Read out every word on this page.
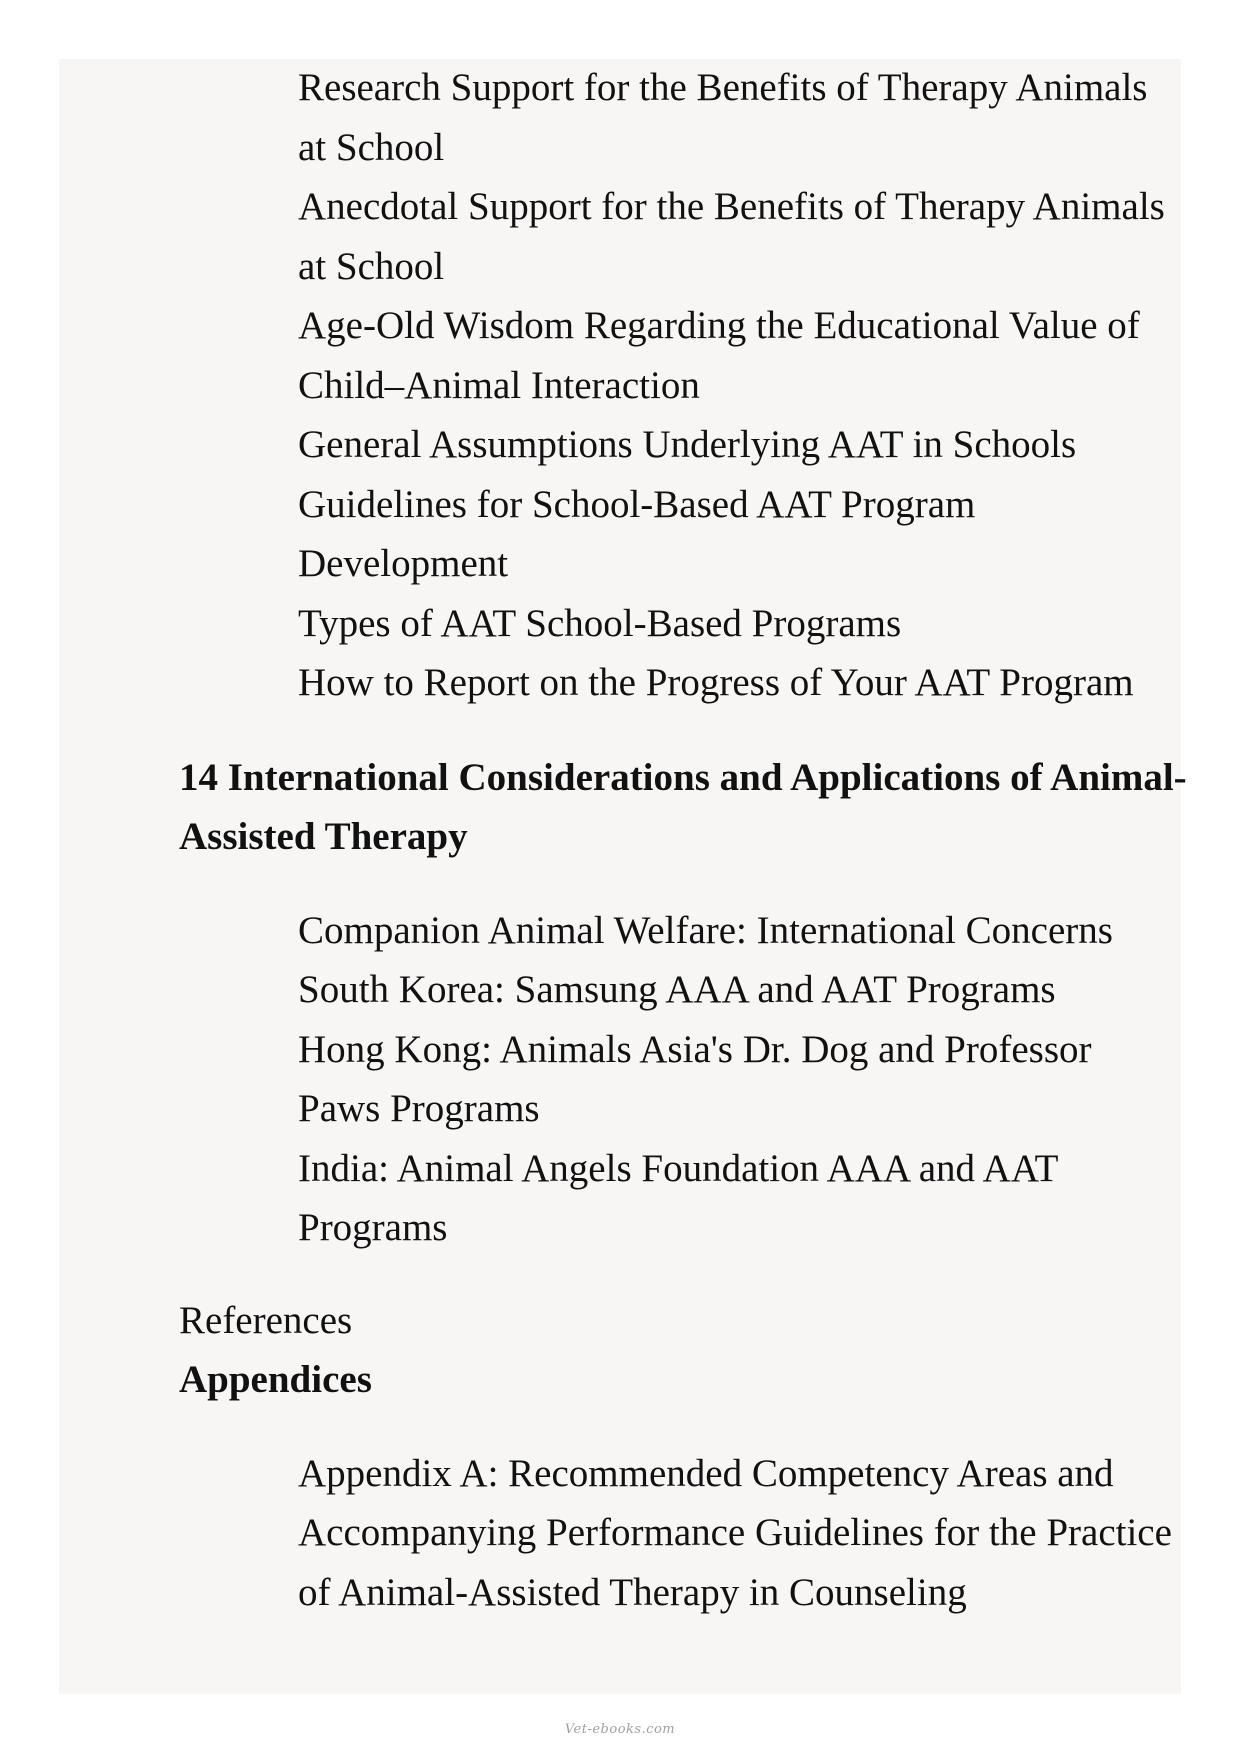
Research Support for the Benefits of Therapy Animals at School
Anecdotal Support for the Benefits of Therapy Animals at School
Age-Old Wisdom Regarding the Educational Value of Child–Animal Interaction
General Assumptions Underlying AAT in Schools
Guidelines for School-Based AAT Program Development
Types of AAT School-Based Programs
How to Report on the Progress of Your AAT Program
14 International Considerations and Applications of Animal-Assisted Therapy
Companion Animal Welfare: International Concerns
South Korea: Samsung AAA and AAT Programs
Hong Kong: Animals Asia's Dr. Dog and Professor Paws Programs
India: Animal Angels Foundation AAA and AAT Programs
References
Appendices
Appendix A: Recommended Competency Areas and Accompanying Performance Guidelines for the Practice of Animal-Assisted Therapy in Counseling
Vet-ebooks.com
